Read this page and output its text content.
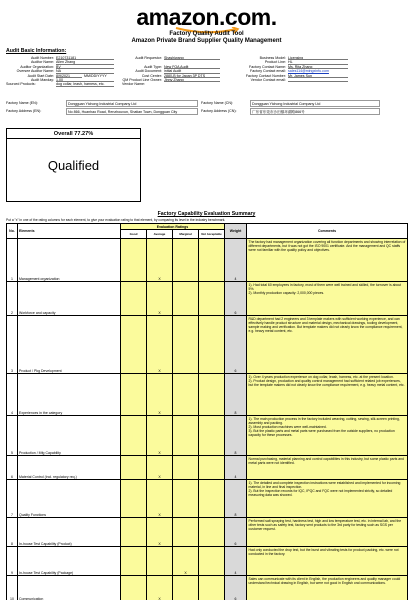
amazon.com.
Factory Quality Audit Tool
Amazon Private Brand Supplier Quality Management
Audit Basic Information:
Audit Number: E210731181
Auditor Name: Allen Zhang
Auditor Organization: BV
Oversee Auditor Name: NA
Audit Start Date: 8/9/2021	MM/DD/YYYY
Audit Manday: 1.00
Sourced Products:	dog collar, leash, harness, etc.
Audit Requestor: Shashiwang
Audit Type: New FQA Audit
Audit Document: initial Audit
Cost Center: 2880-B for Japan 3P DTS
QM Product Line Owner: Jinny Zhang
Vendor Name:
Business Model: Licensing
Product Line: HL
Factory Contact Name: Ms. Rita Zhang
Factory Contact email: sales114@mingxinfu.com
Factory Contact Number: Mr. James Sun
Vendor Contact email:
Factory Name (EN):	Dongguan Yichong Industrial Company Ltd	Factory Name (CN):	Dongguan Yichong Industrial Company Ltd
Factory Address (EN):	No 866, Huanhao Road, Renzhouxun, Shatian Town, Dongguan City	Factory Address (CN):	广东省东莞市沙田镇环湖路866号
Overall 77.27%
Qualified
Factory Capability Evaluation Summary
Put a "x" in one of the rating columns for each element, to give your evaluation rating to that element, by comparing its level in the industry benchmark.
No.	Elements	Evaluation Ratings				Weight	Comments
		Good	Average	Marginal	Not Acceptable		
1	Management organization		X			4	The factory had management organization covering all function departments and showing interrelation of different departments, but it was not got the ISO 9001 certificate. And the management and QC staffs were not familiar with the quality policy and objectives.
2	Workforce and capacity		X			6	1). Had total 60 employees in factory, most of them were well trained and skilled, the turnover is about 5%.
2). Monthly production capacity: 2,000,000 pieces.
3	Product / Pkg Development		X			6	R&D department had 2 engineers and 3 template makers with sufficient working experience, and can effectively handle product structure and material design, mechanical drawings, tooling development, sample making and verification. But template makers did not clearly know the compliance requirement, e.g. heavy metal content, etc.
4	Experiences in the category		X			8	1). Over 4 years production experience on dog collar, leash, harness, etc. at the present location.
2). Product design, production and quality control management had sufficient related job experiences, but the template makers did not clearly know the compliance requirement, e.g. heavy metal content, etc.
5	Production / Mfg Capability		X			8	1). The main production process in the factory included weaving, cutting, sewing, silk-screen printing, assembly and packing.
2). Most production machines were well-maintained.
3). But the plastic parts and metal parts were purchased from the outside suppliers, no production capacity for these processes.
6	Material Control (incl. regulatory req.)		X			4	Normal purchasing, material planning and control capabilities in this industry, but some plastic parts and metal parts were not identified.
7	Quality Functions		X			8	1). The detailed and complete inspection instructions were established and implemented for incoming material, in line and final inspection.
2). But the inspection records for IQC, IPQC and FQC were not implemented strictly, so detailed measuring data was showed.
8	In-house Test Capability (Product)		X			6	Performed salt spraying test, hardness test, high and low temperature test, etc. in internal lab, and the other tests such as safety test, factory sent products to the 3rd party for testing such as SGS per customer request.
9	In-house Test Capability (Package)			X		4	Had only conducted the drop test, but the burst and vibrating tests for product packing, etc. were not conducted in the factory.
10	Communication		X			6	Sales can communicate with its client in English, the production engineers and quality manager could understand technical drawing in English, but were not good in English oral communications.
